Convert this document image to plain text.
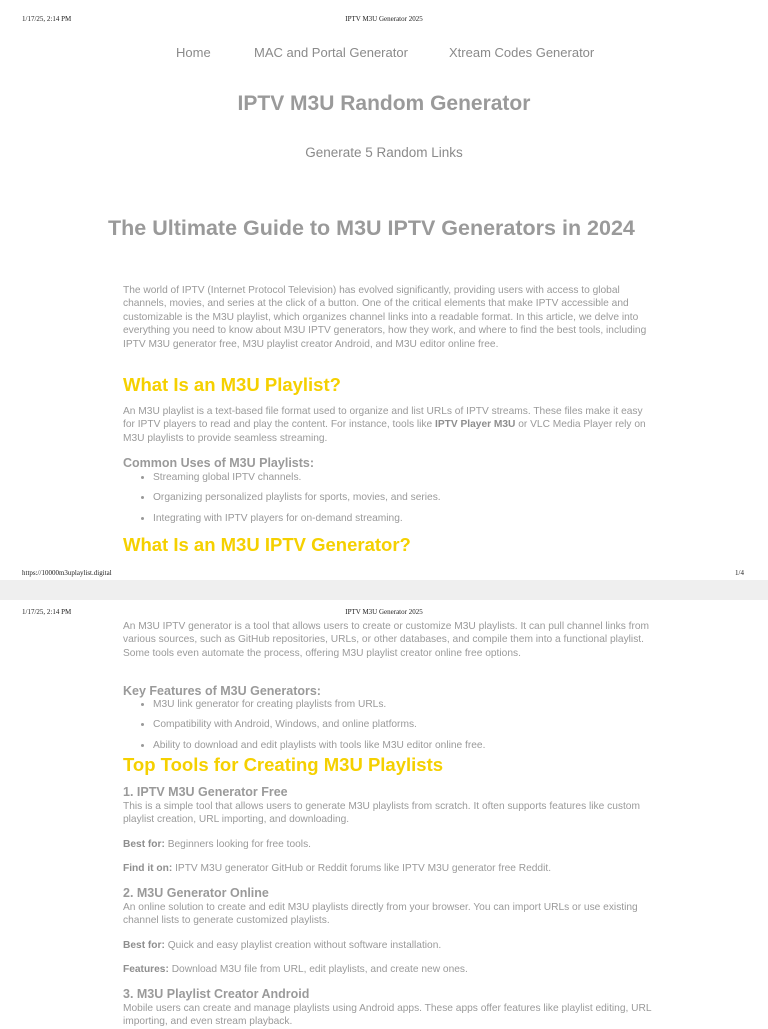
1/17/25, 2:14 PM	IPTV M3U Generator 2025
Home	MAC and Portal Generator	Xtream Codes Generator
IPTV M3U Random Generator
Generate 5 Random Links
The Ultimate Guide to M3U IPTV Generators in 2024

The world of IPTV (Internet Protocol Television) has evolved significantly, providing users with access to global channels, movies, and series at the click of a button. One of the critical elements that make IPTV accessible and customizable is the M3U playlist, which organizes channel links into a readable format. In this article, we delve into everything you need to know about M3U IPTV generators, how they work, and where to find the best tools, including IPTV M3U generator free, M3U playlist creator Android, and M3U editor online free.

What Is an M3U Playlist?

An M3U playlist is a text-based file format used to organize and list URLs of IPTV streams. These files make it easy for IPTV players to read and play the content. For instance, tools like IPTV Player M3U or VLC Media Player rely on M3U playlists to provide seamless streaming.

Common Uses of M3U Playlists:
• Streaming global IPTV channels.
• Organizing personalized playlists for sports, movies, and series.
• Integrating with IPTV players for on-demand streaming.
What Is an M3U IPTV Generator?
https://10000m3uplaylist.digital	1/4
1/17/25, 2:14 PM	IPTV M3U Generator 2025

An M3U IPTV generator is a tool that allows users to create or customize M3U playlists. It can pull channel links from various sources, such as GitHub repositories, URLs, or other databases, and compile them into a functional playlist. Some tools even automate the process, offering M3U playlist creator online free options.

Key Features of M3U Generators:
• M3U link generator for creating playlists from URLs.
• Compatibility with Android, Windows, and online platforms.
• Ability to download and edit playlists with tools like M3U editor online free.
Top Tools for Creating M3U Playlists
1. IPTV M3U Generator Free

This is a simple tool that allows users to generate M3U playlists from scratch. It often supports features like custom playlist creation, URL importing, and downloading.

Best for: Beginners looking for free tools.

Find it on: IPTV M3U generator GitHub or Reddit forums like IPTV M3U generator free Reddit.

2. M3U Generator Online

An online solution to create and edit M3U playlists directly from your browser. You can import URLs or use existing channel lists to generate customized playlists.

Best for: Quick and easy playlist creation without software installation.

Features: Download M3U file from URL, edit playlists, and create new ones.

3. M3U Playlist Creator Android

Mobile users can create and manage playlists using Android apps. These apps offer features like playlist editing, URL importing, and even stream playback.
